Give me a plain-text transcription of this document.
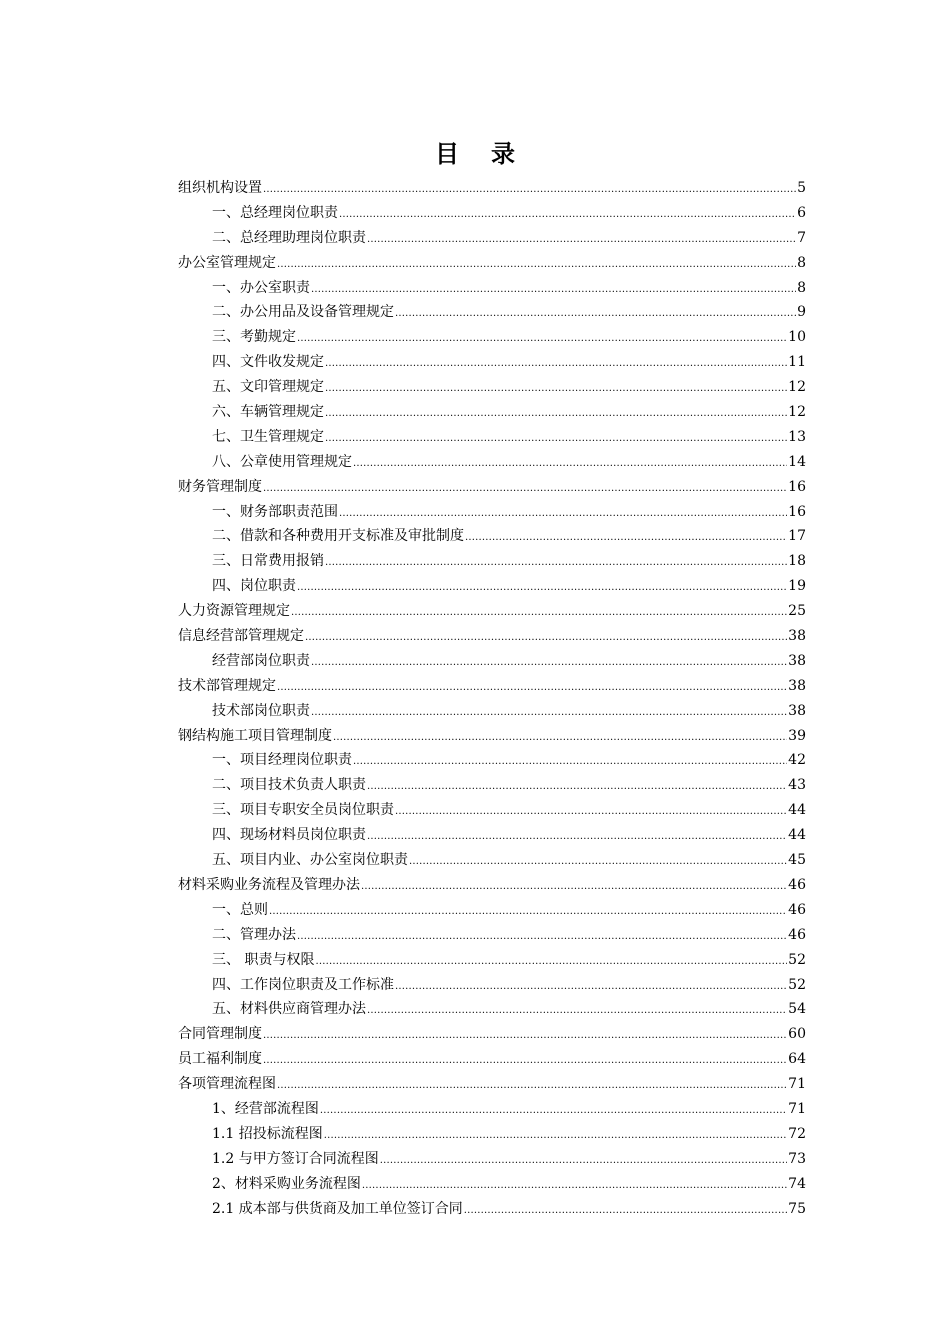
目录
组织机构设置 .....	5
一、总经理岗位职责 .....	6
二、总经理助理岗位职责 .....	7
办公室管理规定 .....	8
一、办公室职责 .....	8
二、办公用品及设备管理规定 .....	9
三、考勤规定 .....	10
四、文件收发规定 .....	11
五、文印管理规定 .....	12
六、车辆管理规定 .....	12
七、卫生管理规定 .....	13
八、公章使用管理规定 .....	14
财务管理制度 .....	16
一、财务部职责范围 .....	16
二、借款和各种费用开支标准及审批制度 .....	17
三、日常费用报销 .....	18
四、岗位职责 .....	19
人力资源管理规定 .....	25
信息经营部管理规定 .....	38
经营部岗位职责 .....	38
技术部管理规定 .....	38
技术部岗位职责 .....	38
钢结构施工项目管理制度 .....	39
一、项目经理岗位职责 .....	42
二、项目技术负责人职责 .....	43
三、项目专职安全员岗位职责 .....	44
四、现场材料员岗位职责 .....	44
五、项目内业、办公室岗位职责 .....	45
材料采购业务流程及管理办法 .....	46
一、总则 .....	46
二、管理办法 .....	46
三、 职责与权限 .....	52
四、工作岗位职责及工作标准 .....	52
五、材料供应商管理办法 .....	54
合同管理制度 .....	60
员工福利制度 .....	64
各项管理流程图 .....	71
1、经营部流程图 .....	71
1.1 招投标流程图 .....	72
1.2 与甲方签订合同流程图 .....	73
2、材料采购业务流程图 .....	74
2.1 成本部与供货商及加工单位签订合同 .....	75
